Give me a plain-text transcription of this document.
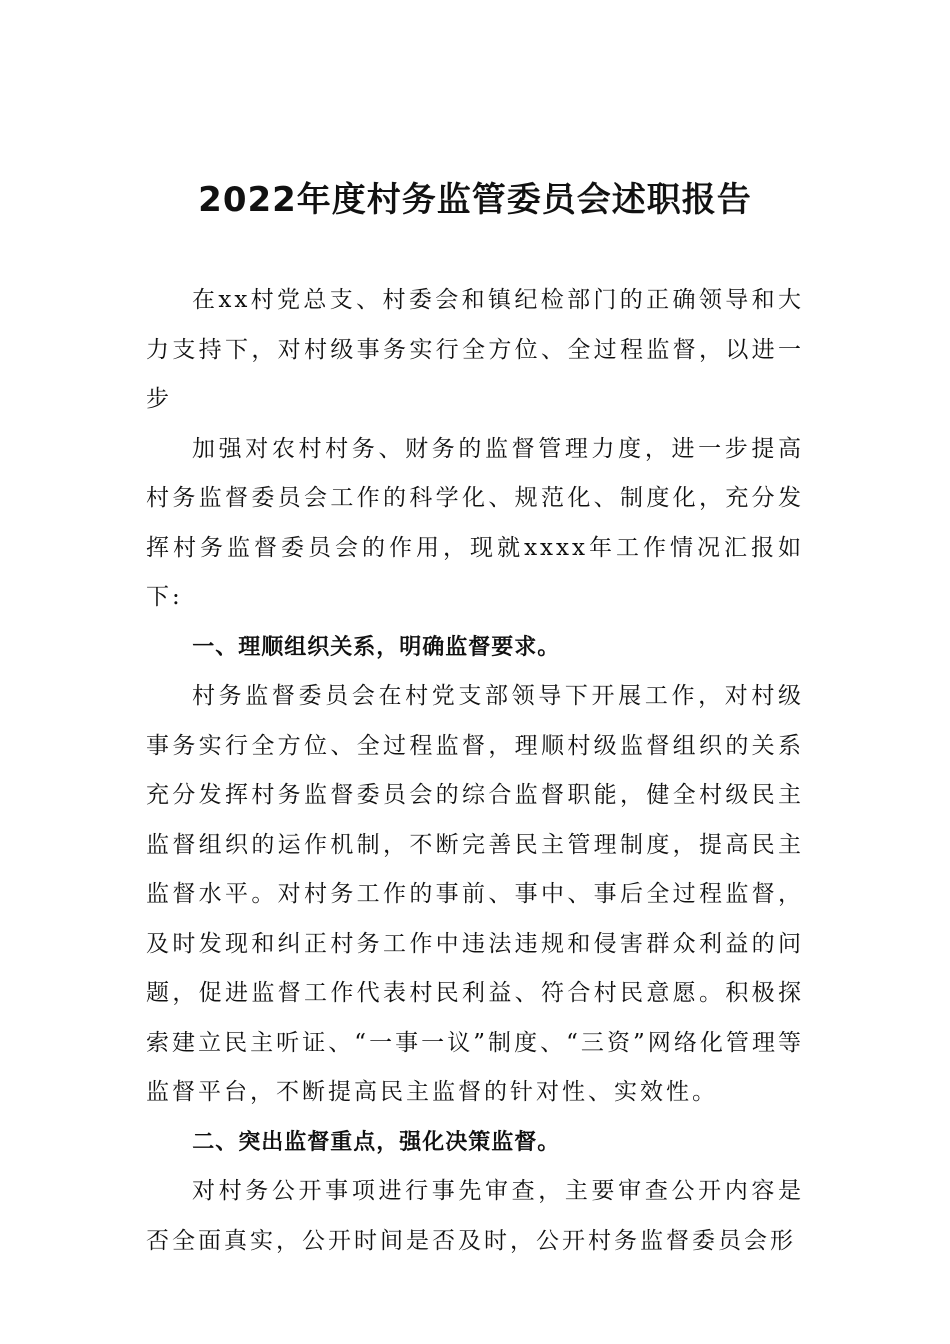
2022年度村务监管委员会述职报告

在xx村党总支、村委会和镇纪检部门的正确领导和大力支持下，对村级事务实行全方位、全过程监督，以进一步

加强对农村村务、财务的监督管理力度，进一步提高村务监督委员会工作的科学化、规范化、制度化，充分发挥村务监督委员会的作用，现就xxxx年工作情况汇报如下:

一、理顺组织关系，明确监督要求。

村务监督委员会在村党支部领导下开展工作，对村级事务实行全方位、全过程监督，理顺村级监督组织的关系充分发挥村务监督委员会的综合监督职能，健全村级民主监督组织的运作机制，不断完善民主管理制度，提高民主监督水平。对村务工作的事前、事中、事后全过程监督，及时发现和纠正村务工作中违法违规和侵害群众利益的问题，促进监督工作代表村民利益、符合村民意愿。积极探索建立民主听证、“一事一议”制度、“三资”网络化管理等监督平台，不断提高民主监督的针对性、实效性。

二、突出监督重点，强化决策监督。

对村务公开事项进行事先审查，主要审查公开内容是否全面真实，公开时间是否及时，公开村务监督委员会形
